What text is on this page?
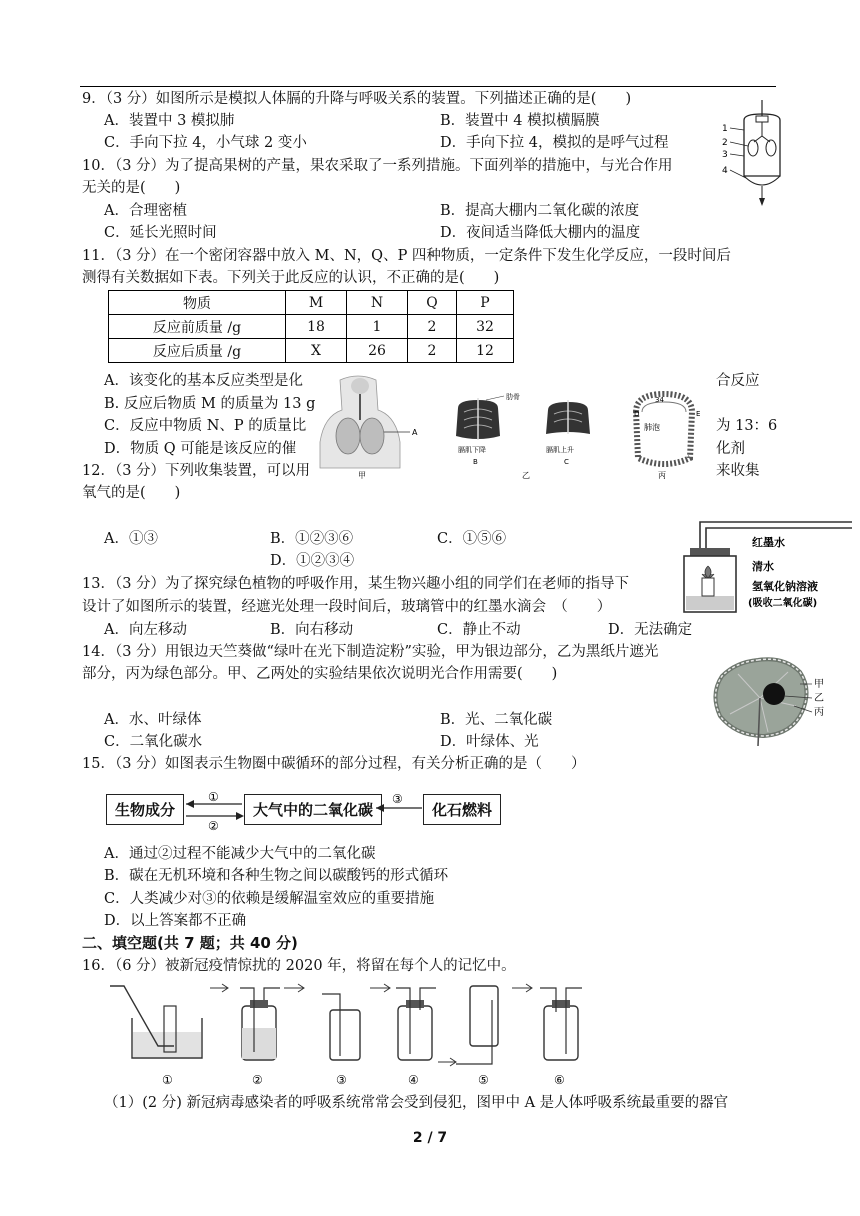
9．（3 分）如图所示是模拟人体膈的升降与呼吸关系的装置。下列描述正确的是(　　)
A．装置中 3 模拟肺	B．装置中 4 模拟横膈膜
C．手向下拉 4，小气球 2 变小	D．手向下拉 4，模拟的是呼气过程
1
2
3
4
10．（3 分）为了提高果树的产量，果农采取了一系列措施。下面列举的措施中，与光合作用
无关的是(　　)
A．合理密植	B．提高大棚内二氧化碳的浓度
C．延长光照时间	D．夜间适当降低大棚内的温度
11．（3 分）在一个密闭容器中放入 M、N，Q、P 四种物质，一定条件下发生化学反应，一段时间后
测得有关数据如下表。下列关于此反应的认识，不正确的是(　　)
物质	M	N	Q	P
反应前质量 /g	18	1	2	32
反应后质量 /g	X	26	2	12
A．该变化的基本反应类型是化	合反应
B. 反应后物质 M 的质量为 13 g
C．反应中物质 N、P 的质量比	为 13：6
D．物质 Q 可能是该反应的催	化剂
A
甲
肋骨
膈肌下降
B
膈肌上升
C
乙
肺泡
D	E
34
丙
12．（3 分）下列收集装置，可以用	来收集
氧气的是(　　)
A．①③	B．①②③⑥	C．①⑤⑥
D．①②③④
红墨水
清水
氢氧化钠溶液
(吸收二氧化碳)
13．（3 分）为了探究绿色植物的呼吸作用，某生物兴趣小组的同学们在老师的指导下
设计了如图所示的装置，经遮光处理一段时间后，玻璃管中的红墨水滴会　（　　）
A．向左移动	B．向右移动	C．静止不动	D．无法确定
14．（3 分）用银边天竺葵做“绿叶在光下制造淀粉”实验，甲为银边部分，乙为黑纸片遮光
部分，丙为绿色部分。甲、乙两处的实验结果依次说明光合作用需要(　　)
A．水、叶绿体	B．光、二氧化碳
C．二氧化碳水	D．叶绿体、光
甲
乙
丙
15．（3 分）如图表示生物圈中碳循环的部分过程，有关分析正确的是（　　）
生物成分	大气中的二氧化碳	化石燃料
①
②
③
A．通过②过程不能减少大气中的二氧化碳
B．碳在无机环境和各种生物之间以碳酸钙的形式循环
C．人类减少对③的依赖是缓解温室效应的重要措施
D．以上答案都不正确
二、填空题(共 7 题；共 40 分)
16．（6 分）被新冠疫情惊扰的 2020 年，将留在每个人的记忆中。
①	②	③	④	⑤	⑥
（1）(2 分) 新冠病毒感染者的呼吸系统常常会受到侵犯，图甲中 A 是人体呼吸系统最重要的器官
2 / 7
